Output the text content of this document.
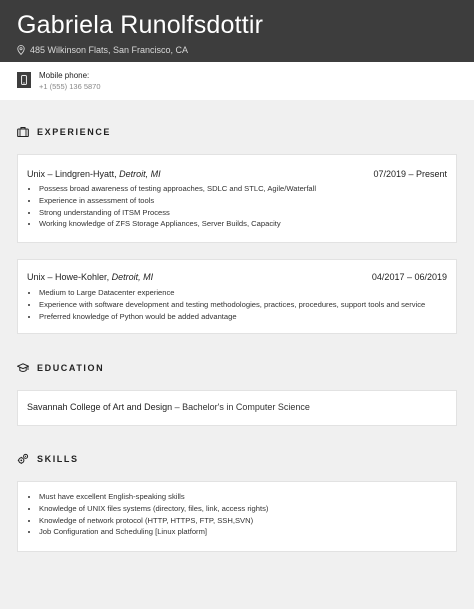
Gabriela Runolfsdottir
485 Wilkinson Flats, San Francisco, CA
Mobile phone:
+1 (555) 136 5870
EXPERIENCE
Unix – Lindgren-Hyatt, Detroit, MI	07/2019 – Present
• Possess broad awareness of testing approaches, SDLC and STLC, Agile/Waterfall
• Experience in assessment of tools
• Strong understanding of ITSM Process
• Working knowledge of ZFS Storage Appliances, Server Builds, Capacity
Unix – Howe-Kohler, Detroit, MI	04/2017 – 06/2019
• Medium to Large Datacenter experience
• Experience with software development and testing methodologies, practices, procedures, support tools and service
• Preferred knowledge of Python would be added advantage
EDUCATION
Savannah College of Art and Design – Bachelor's in Computer Science
SKILLS
• Must have excellent English-speaking skills
• Knowledge of UNIX files systems (directory, files, link, access rights)
• Knowledge of network protocol (HTTP, HTTPS, FTP, SSH,SVN)
• Job Configuration and Scheduling [Linux platform]
